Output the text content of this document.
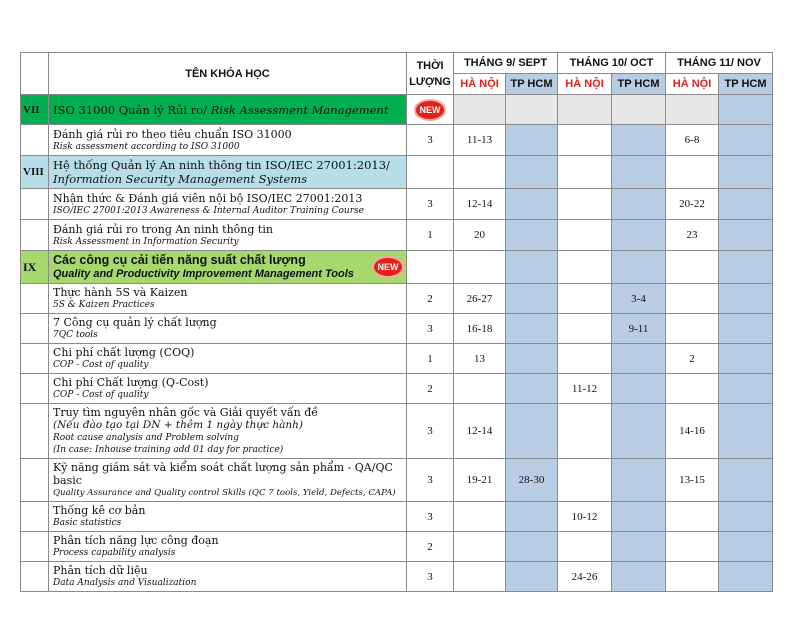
	TÊN KHÓA HỌC	THỜI
LƯỢNG	THÁNG 9/ SEPT		THÁNG 10/ OCT		THÁNG 11/ NOV	
			HÀ NỘI	TP HCM	HÀ NỘI	TP HCM	HÀ NỘI	TP HCM
VII	ISO 31000 Quản lý Rủi ro/ Risk Assessment Management	NEW						

	Đánh giá rủi ro theo tiêu chuẩn ISO 31000
Risk assessment according to ISO 31000	3	11-13				6-8	
VIII	Hệ thống Quản lý An ninh thông tin ISO/IEC 27001:2013/ Information Security Management Systems							

	Nhận thức & Đánh giá viên nội bộ ISO/IEC 27001:2013
ISO/IEC 27001:2013 Awareness & Internal Auditor Training Course	3	12-14				20-22	

	Đánh giá rủi ro trong An ninh thông tin
Risk Assessment in Information Security	1	20				23	
IX	Các công cụ cải tiến năng suất chất lượng
Quality and Productivity Improvement Management Tools
NEW							

	Thực hành 5S và Kaizen
5S & Kaizen Practices	2	26-27			3-4		

	7 Công cụ quản lý chất lượng
7QC tools	3	16-18			9-11		

	Chi phí chất lượng (COQ)
COP - Cost of quality	1	13				2	

	Chi phí Chất lượng (Q-Cost)
COP - Cost of quality	2			11-12			

	Truy tìm nguyên nhân gốc và Giải quyết vấn đề
(Nếu đào tạo tại DN + thêm 1 ngày thực hành)
Root cause analysis and Problem solving
(In case: Inhouse training add 01 day for practice)	3	12-14				14-16	

	Kỹ năng giám sát và kiểm soát chất lượng sản phẩm - QA/QC basic
Quality Assurance and Quality control Skills (QC 7 tools, Yield, Defects, CAPA)	3	19-21	28-30			13-15	

	Thống kê cơ bản
Basic statistics	3			10-12			

	Phân tích năng lực công đoạn
Process capability analysis	2						

	Phân tích dữ liệu
Data Analysis and Visualization	3			24-26			
